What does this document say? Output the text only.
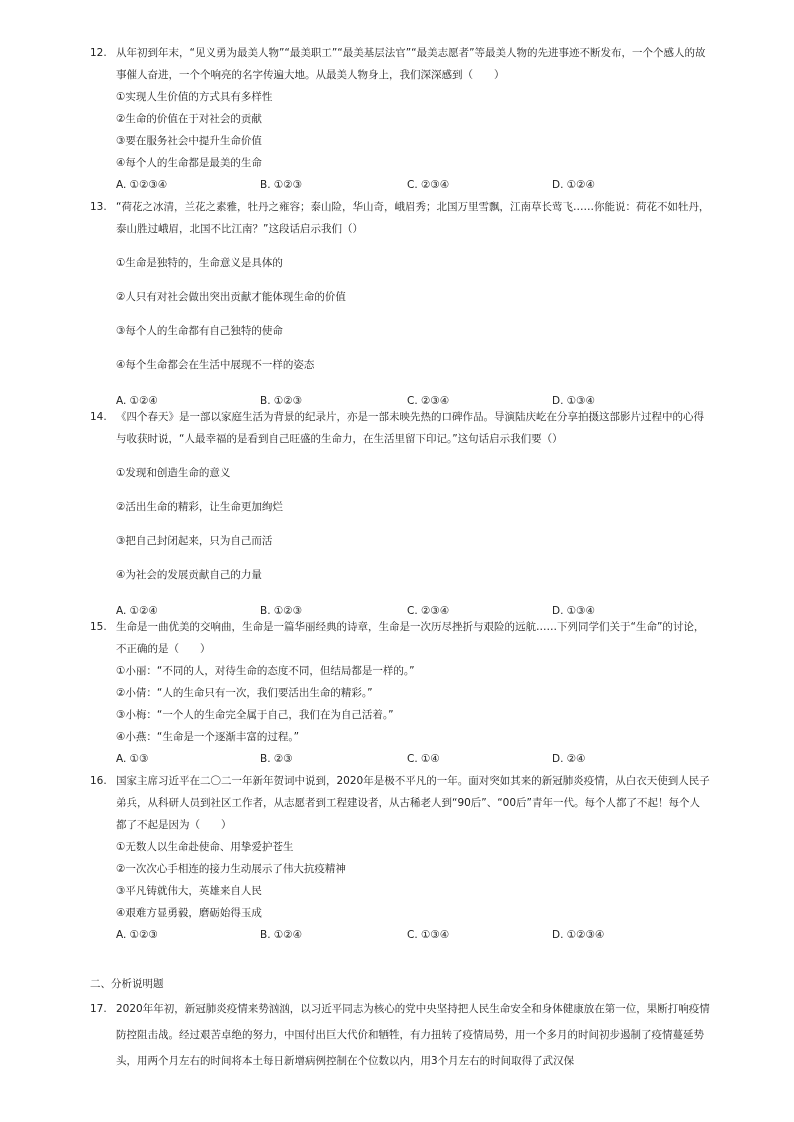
12. 从年初到年末，“见义勇为最美人物”“最美职工”“最美基层法官”“最美志愿者”等最美人物的先进事迹不断发布，一个个感人的故事催人奋进，一个个响亮的名字传遍大地。从最美人物身上，我们深深感到（　　）
①实现人生价值的方式具有多样性
②生命的价值在于对社会的贡献
③要在服务社会中提升生命价值
④每个人的生命都是最美的生命
A. ①②③④	B. ①②③	C. ②③④	D. ①②④
13. “荷花之冰清，兰花之素雅，牡丹之雍容；泰山险，华山奇，峨眉秀；北国万里雪飘，江南草长莺飞……你能说：荷花不如牡丹，泰山胜过峨眉，北国不比江南？”这段话启示我们（）
①生命是独特的，生命意义是具体的
②人只有对社会做出突出贡献才能体现生命的价值
③每个人的生命都有自己独特的使命
④每个生命都会在生活中展现不一样的姿态
A. ①②④	B. ①②③	C. ②③④	D. ①③④
14. 《四个春天》是一部以家庭生活为背景的纪录片，亦是一部未映先热的口碑作品。导演陆庆屹在分享拍摄这部影片过程中的心得与收获时说，“人最幸福的是看到自己旺盛的生命力，在生活里留下印记。”这句话启示我们要（）
①发现和创造生命的意义
②活出生命的精彩，让生命更加绚烂
③把自己封闭起来，只为自己而活
④为社会的发展贡献自己的力量
A. ①②④	B. ①②③	C. ②③④	D. ①③④
15. 生命是一曲优美的交响曲，生命是一篇华丽经典的诗章，生命是一次历尽挫折与艰险的远航……下列同学们关于“生命”的讨论，不正确的是（　　）
①小丽：“不同的人，对待生命的态度不同，但结局都是一样的。”
②小倩：“人的生命只有一次，我们要活出生命的精彩。”
③小梅：“一个人的生命完全属于自己，我们在为自己活着。”
④小燕：“生命是一个逐渐丰富的过程。”
A. ①③	B. ②③	C. ①④	D. ②④
16. 国家主席习近平在二〇二一年新年贺词中说到，2020年是极不平凡的一年。面对突如其来的新冠肺炎疫情，从白衣天使到人民子弟兵，从科研人员到社区工作者，从志愿者到工程建设者，从古稀老人到“90后”、“00后”青年一代。每个人都了不起！每个人都了不起是因为（　　）
①无数人以生命赴使命、用挚爱护苍生
②一次次心手相连的接力生动展示了伟大抗疫精神
③平凡铸就伟大，英雄来自人民
④艰难方显勇毅，磨砺始得玉成
A. ①②③	B. ①②④	C. ①③④	D. ①②③④
二、分析说明题
17. 2020年年初，新冠肺炎疫情来势汹汹，以习近平同志为核心的党中央坚持把人民生命安全和身体健康放在第一位，果断打响疫情防控阻击战。经过艰苦卓绝的努力，中国付出巨大代价和牺牲，有力扭转了疫情局势，用一个多月的时间初步遏制了疫情蔓延势头，用两个月左右的时间将本土每日新增病例控制在个位数以内，用3个月左右的时间取得了武汉保
